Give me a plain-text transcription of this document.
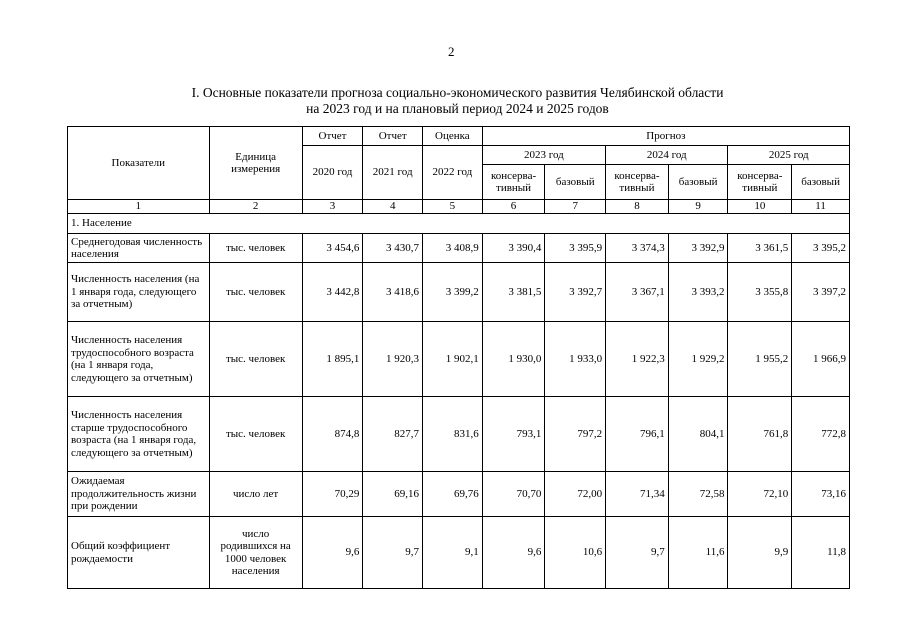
2
I. Основные показатели прогноза социально-экономического развития Челябинской области
на 2023 год и на плановый период 2024 и 2025 годов
Показатели	Единица измерения	Отчет	Отчет	Оценка	Прогноз					
		2020 год	2021 год	2022 год	2023 год		2024 год		2025 год	
					консерва-тивный	базовый	консерва-тивный	базовый	консерва-тивный	базовый
1	2	3	4	5	6	7	8	9	10	11
1. Население										
Среднегодовая численность населения	тыс. человек	3 454,6	3 430,7	3 408,9	3 390,4	3 395,9	3 374,3	3 392,9	3 361,5	3 395,2
Численность населения (на 1 января года, следующего за отчетным)	тыс. человек	3 442,8	3 418,6	3 399,2	3 381,5	3 392,7	3 367,1	3 393,2	3 355,8	3 397,2
Численность населения трудоспособного возраста (на 1 января года, следующего за отчетным)	тыс. человек	1 895,1	1 920,3	1 902,1	1 930,0	1 933,0	1 922,3	1 929,2	1 955,2	1 966,9
Численность населения старше трудоспособного возраста (на 1 января года, следующего за отчетным)	тыс. человек	874,8	827,7	831,6	793,1	797,2	796,1	804,1	761,8	772,8
Ожидаемая продолжительность жизни при рождении	число лет	70,29	69,16	69,76	70,70	72,00	71,34	72,58	72,10	73,16
Общий коэффициент рождаемости	число родившихся на 1000 человек населения	9,6	9,7	9,1	9,6	10,6	9,7	11,6	9,9	11,8
